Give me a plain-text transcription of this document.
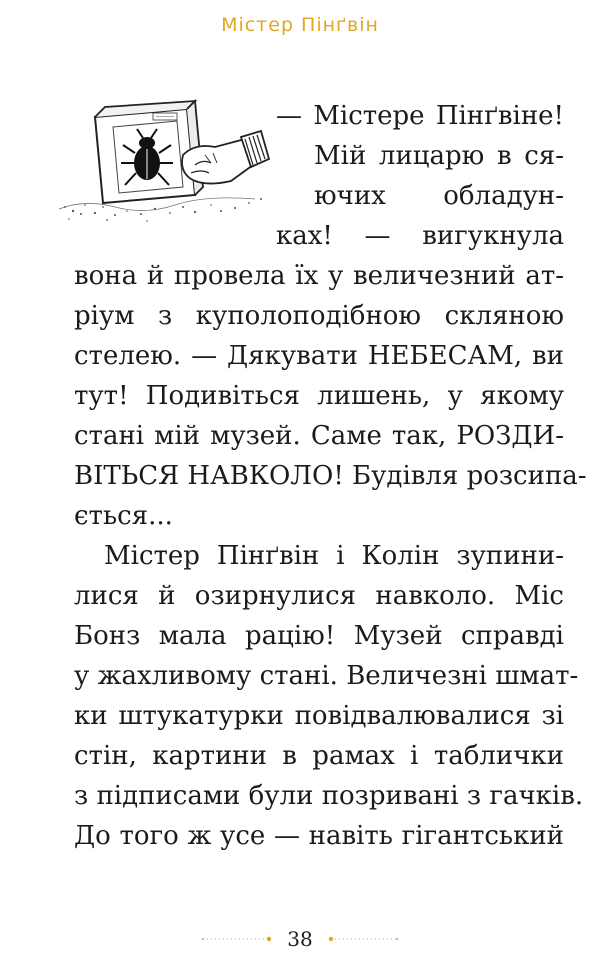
Містер Пінґвін
— Містере Пінґвіне!
Мій лицарю в ся-
ючих обладун-
ках! — вигукнула
вона й провела їх у величезний ат-
ріум з куполоподібною скляною
стелею. — Дякувати НЕБЕСАМ, ви
тут! Подивіться лишень, у якому
стані мій музей. Саме так, РОЗДИ-
ВІТЬСЯ НАВКОЛО! Будівля розсипа-
ється...
Містер Пінґвін і Колін зупини-
лися й озирнулися навколо. Міс
Бонз мала рацію! Музей справді
у жахливому стані. Величезні шмат-
ки штукатурки повідвалювалися зі
стін, картини в рамах і таблички
з підписами були позривані з гачків.
До того ж усе — навіть гігантський
38
